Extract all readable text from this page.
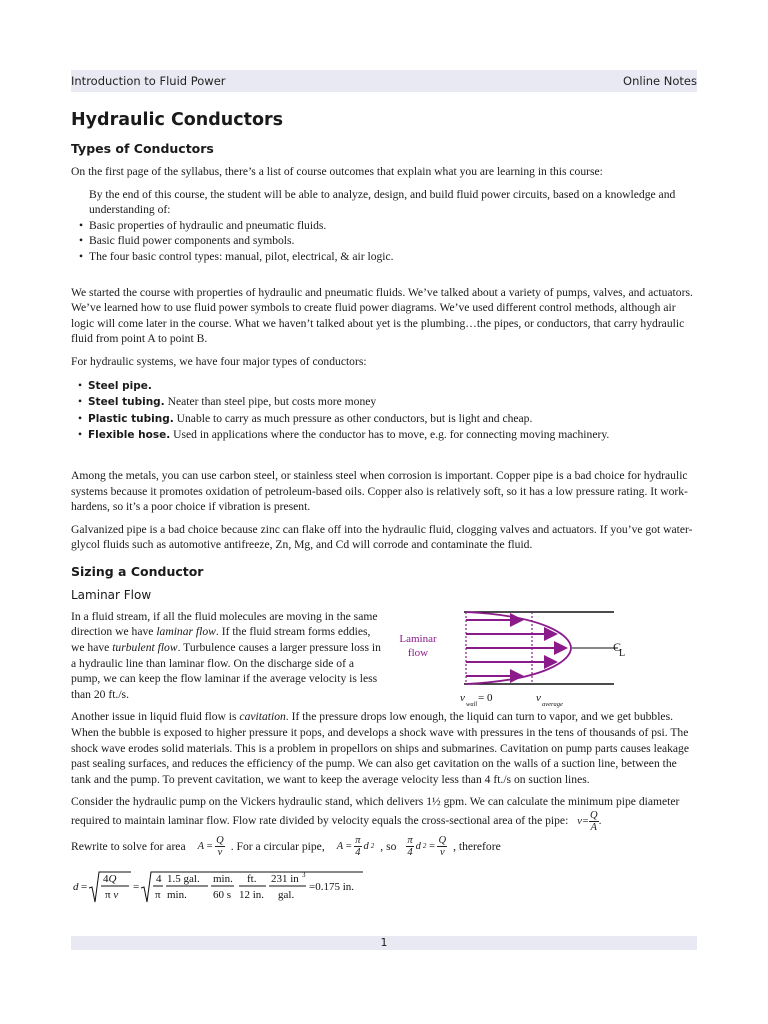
Introduction to Fluid Power	Online Notes
Hydraulic Conductors
Types of Conductors

On the first page of the syllabus, there’s a list of course outcomes that explain what you are learning in this course:

By the end of this course, the student will be able to analyze, design, and build fluid power circuits, based on a knowledge and understanding of:
• Basic properties of hydraulic and pneumatic fluids.
• Basic fluid power components and symbols.
• The four basic control types: manual, pilot, electrical, & air logic.

We started the course with properties of hydraulic and pneumatic fluids. We’ve talked about a variety of pumps, valves, and actuators. We’ve learned how to use fluid power symbols to create fluid power diagrams. We’ve used different control methods, although air logic will come later in the course. What we haven’t talked about yet is the plumbing…the pipes, or conductors, that carry hydraulic fluid from point A to point B.

For hydraulic systems, we have four major types of conductors:

• Steel pipe.
• Steel tubing. Neater than steel pipe, but costs more money
• Plastic tubing. Unable to carry as much pressure as other conductors, but is light and cheap.
• Flexible hose. Used in applications where the conductor has to move, e.g. for connecting moving machinery.

Among the metals, you can use carbon steel, or stainless steel when corrosion is important. Copper pipe is a bad choice for hydraulic systems because it promotes oxidation of petroleum-based oils. Copper also is relatively soft, so it has a low pressure rating. It work-hardens, so it’s a poor choice if vibration is present.

Galvanized pipe is a bad choice because zinc can flake off into the hydraulic fluid, clogging valves and actuators. If you’ve got water-glycol fluids such as automotive antifreeze, Zn, Mg, and Cd will corrode and contaminate the fluid.

Sizing a Conductor
Laminar Flow

In a fluid stream, if all the fluid molecules are moving in the same direction we have laminar flow. If the fluid stream forms eddies, we have turbulent flow. Turbulence causes a larger pressure loss in a hydraulic line than laminar flow. On the discharge side of a pump, we can keep the flow laminar if the average velocity is less than 20 ft./s.

Laminar
flow	C
L
v
wall
= 0	v
average

Another issue in liquid fluid flow is cavitation. If the pressure drops low enough, the liquid can turn to vapor, and we get bubbles. When the bubble is exposed to higher pressure it pops, and develops a shock wave with pressures in the tens of thousands of psi. The shock wave erodes solid materials. This is a problem in propellors on ships and submarines. Cavitation on pump parts causes leakage past sealing surfaces, and reduces the efficiency of the pump. We can also get cavitation on the walls of a suction line, between the tank and the pump. To prevent cavitation, we want to keep the average velocity less than 4 ft./s on suction lines.

Consider the hydraulic pump on the Vickers hydraulic stand, which delivers 1½ gpm. We can calculate the minimum pipe diameter required to maintain laminar flow. Flow rate divided by velocity equals the cross-sectional area of the pipe: $v= \frac{Q}{A}$ .

Rewrite to solve for area A =
Q
v . For a circular pipe, A =
π
4
d 2 , so π
4
d 2 =
Q
v , therefore
d =
4Q
π v
=
4
π
1.5 gal.
min.
min.
60 s
ft.
12 in.
231 in 3
gal.
=0.175 in.
1
